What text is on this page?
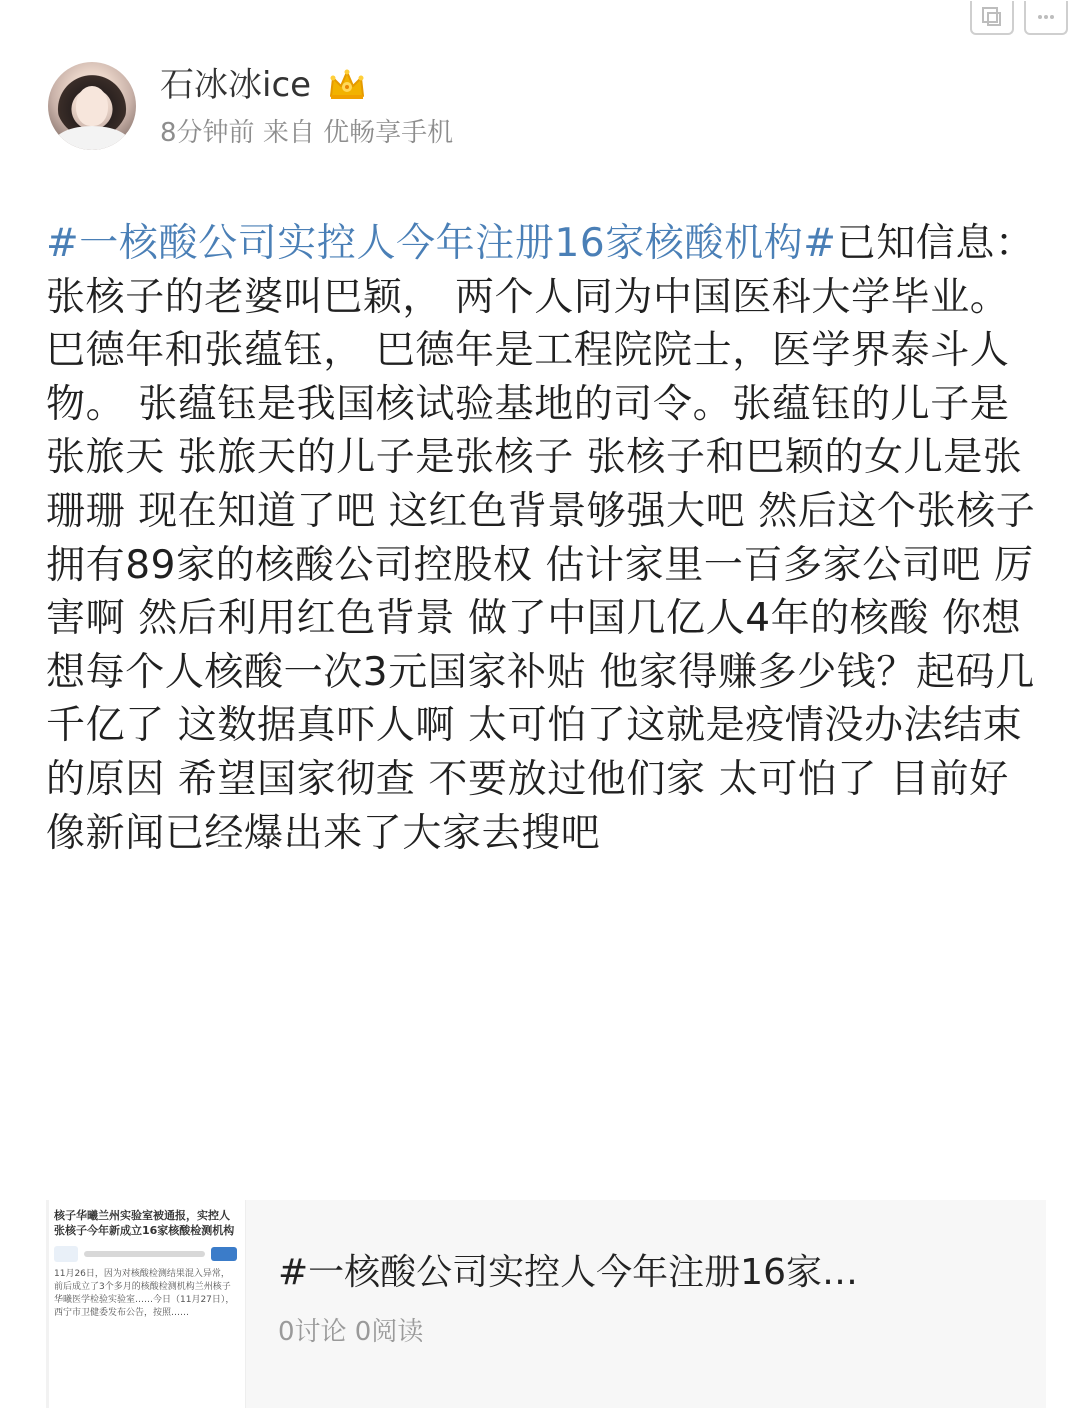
石冰冰ice
8分钟前 来自 优畅享手机
#一核酸公司实控人今年注册16家核酸机构#已知信息： 张核子的老婆叫巴颖， 两个人同为中国医科大学毕业。 巴德年和张蕴钰， 巴德年是工程院院士，医学界泰斗人物。 张蕴钰是我国核试验基地的司令。张蕴钰的儿子是张旅天 张旅天的儿子是张核子 张核子和巴颖的女儿是张珊珊 现在知道了吧 这红色背景够强大吧 然后这个张核子拥有89家的核酸公司控股权 估计家里一百多家公司吧 厉害啊 然后利用红色背景 做了中国几亿人4年的核酸 你想想每个人核酸一次3元国家补贴 他家得赚多少钱？起码几千亿了 这数据真吓人啊 太可怕了这就是疫情没办法结束的原因 希望国家彻查 不要放过他们家 太可怕了 目前好像新闻已经爆出来了大家去搜吧
核子华曦兰州实验室被通报，实控人张核子今年新成立16家核酸检测机构
11月26日，因为对核酸检测结果混入异常，前后成立了3个多月的核酸检测机构兰州核子华曦医学检验实验室……今日（11月27日），西宁市卫健委发布公告，按照……
#一核酸公司实控人今年注册16家…
0讨论 0阅读
